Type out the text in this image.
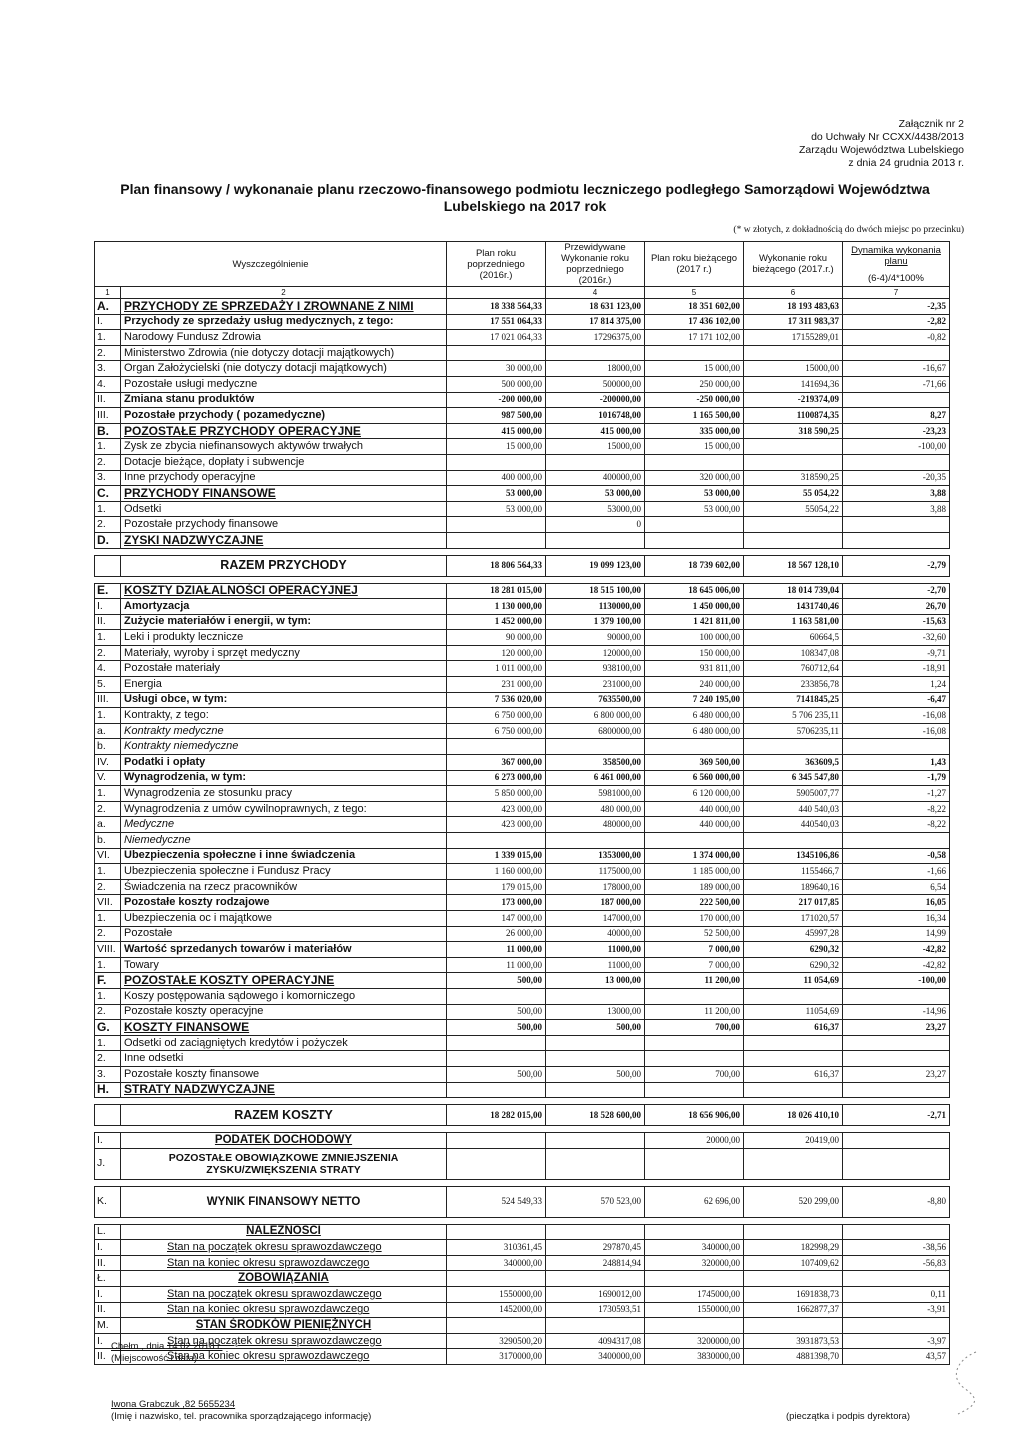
Załącznik nr 2
do Uchwały Nr CCXX/4438/2013
Zarządu Województwa Lubelskiego
z dnia 24 grudnia 2013 r.
Plan finansowy / wykonanaie planu rzeczowo-finansowego podmiotu leczniczego podległego Samorządowi Województwa
Lubelskiego na 2017 rok
(* w złotych, z dokładnością do dwóch miejsc po przecinku)
Wyszczególnienie		Plan roku poprzedniego (2016r.)	Przewidywane Wykonanie roku poprzedniego (2016r.)	Plan roku bieżącego (2017 r.)	Wykonanie roku bieżącego (2017.r.)	Dynamika wykonania planu
(6-4)/4*100%

1	2		4	5	6	7
A.	PRZYCHODY ZE SPRZEDAŻY I ZROWNANE Z NIMI	18 338 564,33	18 631 123,00	18 351 602,00	18 193 483,63	-2,35
I.	Przychody ze sprzedaży usług medycznych, z tego:	17 551 064,33	17 814 375,00	17 436 102,00	17 311 983,37	-2,82
1.	Narodowy Fundusz Zdrowia	17 021 064,33	17296375,00	17 171 102,00	17155289,01	-0,82
2.	Ministerstwo Zdrowia (nie dotyczy dotacji majątkowych)					
3.	Organ Założycielski (nie dotyczy dotacji majątkowych)	30 000,00	18000,00	15 000,00	15000,00	-16,67
4.	Pozostałe usługi medyczne	500 000,00	500000,00	250 000,00	141694,36	-71,66
II.	Zmiana stanu produktów	-200 000,00	-200000,00	-250 000,00	-219374,09	
III.	Pozostałe przychody ( pozamedyczne)	987 500,00	1016748,00	1 165 500,00	1100874,35	8,27
B.	POZOSTAŁE PRZYCHODY OPERACYJNE	415 000,00	415 000,00	335 000,00	318 590,25	-23,23
1.	Zysk ze zbycia niefinansowych aktywów trwałych	15 000,00	15000,00	15 000,00		-100,00
2.	Dotacje bieżące, dopłaty i subwencje					
3.	Inne przychody operacyjne	400 000,00	400000,00	320 000,00	318590,25	-20,35
C.	PRZYCHODY FINANSOWE	53 000,00	53 000,00	53 000,00	55 054,22	3,88
1.	Odsetki	53 000,00	53000,00	53 000,00	55054,22	3,88
2.	Pozostałe przychody finansowe		0			
D.	ZYSKI NADZWYCZAJNE					

	RAZEM PRZYCHODY	18 806 564,33	19 099 123,00	18 739 602,00	18 567 128,10	-2,79

E.	KOSZTY DZIAŁALNOŚCI OPERACYJNEJ	18 281 015,00	18 515 100,00	18 645 006,00	18 014 739,04	-2,70
I.	Amortyzacja	1 130 000,00	1130000,00	1 450 000,00	1431740,46	26,70
II.	Zużycie materiałów i energii, w tym:	1 452 000,00	1 379 100,00	1 421 811,00	1 163 581,00	-15,63
1.	Leki i produkty lecznicze	90 000,00	90000,00	100 000,00	60664,5	-32,60
2.	Materiały, wyroby i sprzęt medyczny	120 000,00	120000,00	150 000,00	108347,08	-9,71
4.	Pozostałe materiały	1 011 000,00	938100,00	931 811,00	760712,64	-18,91
5.	Energia	231 000,00	231000,00	240 000,00	233856,78	1,24
III.	Usługi obce, w tym:	7 536 020,00	7635500,00	7 240 195,00	7141845,25	-6,47
1.	Kontrakty, z tego:	6 750 000,00	6 800 000,00	6 480 000,00	5 706 235,11	-16,08
a.	Kontrakty medyczne	6 750 000,00	6800000,00	6 480 000,00	5706235,11	-16,08
b.	Kontrakty niemedyczne					
IV.	Podatki i opłaty	367 000,00	358500,00	369 500,00	363609,5	1,43
V.	Wynagrodzenia, w tym:	6 273 000,00	6 461 000,00	6 560 000,00	6 345 547,80	-1,79
1.	Wynagrodzenia ze stosunku pracy	5 850 000,00	5981000,00	6 120 000,00	5905007,77	-1,27
2.	Wynagrodzenia z umów cywilnoprawnych, z tego:	423 000,00	480 000,00	440 000,00	440 540,03	-8,22
a.	Medyczne	423 000,00	480000,00	440 000,00	440540,03	-8,22
b.	Niemedyczne					
VI.	Ubezpieczenia społeczne i inne świadczenia	1 339 015,00	1353000,00	1 374 000,00	1345106,86	-0,58
1.	Ubezpieczenia społeczne i Fundusz Pracy	1 160 000,00	1175000,00	1 185 000,00	1155466,7	-1,66
2.	Świadczenia na rzecz pracowników	179 015,00	178000,00	189 000,00	189640,16	6,54
VII.	Pozostałe koszty rodzajowe	173 000,00	187 000,00	222 500,00	217 017,85	16,05
1.	Ubezpieczenia oc i majątkowe	147 000,00	147000,00	170 000,00	171020,57	16,34
2.	Pozostałe	26 000,00	40000,00	52 500,00	45997,28	14,99
VIII.	Wartość sprzedanych towarów i materiałów	11 000,00	11000,00	7 000,00	6290,32	-42,82
1.	Towary	11 000,00	11000,00	7 000,00	6290,32	-42,82
F.	POZOSTAŁE KOSZTY OPERACYJNE	500,00	13 000,00	11 200,00	11 054,69	-100,00
1.	Koszy postępowania sądowego i komorniczego					
2.	Pozostałe koszty operacyjne	500,00	13000,00	11 200,00	11054,69	-14,96
G.	KOSZTY FINANSOWE	500,00	500,00	700,00	616,37	23,27
1.	Odsetki od zaciągniętych kredytów i pożyczek					
2.	Inne odsetki					
3.	Pozostałe koszty finansowe	500,00	500,00	700,00	616,37	23,27
H.	STRATY NADZWYCZAJNE					

	RAZEM KOSZTY	18 282 015,00	18 528 600,00	18 656 906,00	18 026 410,10	-2,71

I.	PODATEK DOCHODOWY			20000,00	20419,00	
J.	POZOSTAŁE OBOWIĄZKOWE ZMNIEJSZENIA ZYSKU/ZWIĘKSZENIA STRATY					

K.	WYNIK FINANSOWY NETTO	524 549,33	570 523,00	62 696,00	520 299,00	-8,80

L.	NALEŻNOŚCI					
I.	Stan na początek okresu sprawozdawczego	310361,45	297870,45	340000,00	182998,29	-38,56
II.	Stan na koniec okresu sprawozdawczego	340000,00	248814,94	320000,00	107409,62	-56,83
Ł.	ZOBOWIĄZANIA					
I.	Stan na początek okresu sprawozdawczego	1550000,00	1690012,00	1745000,00	1691838,73	0,11
II.	Stan na koniec okresu sprawozdawczego	1452000,00	1730593,51	1550000,00	1662877,37	-3,91
M.	STAN ŚRODKÓW PIENIĘŻNYCH					
I.	Stan na początek okresu sprawozdawczego	3290500,20	4094317,08	3200000,00	3931873,53	-3,97
II.	Stan na koniec okresu sprawozdawczego	3170000,00	3400000,00	3830000,00	4881398,70	43,57
Chełm , dnia 14.02.2018 r.
(Miejscowość i data)
Iwona Grabczuk ,82 5655234
(Imię i nazwisko, tel. pracownika sporządzającego informację)	(pieczątka i podpis dyrektora)
